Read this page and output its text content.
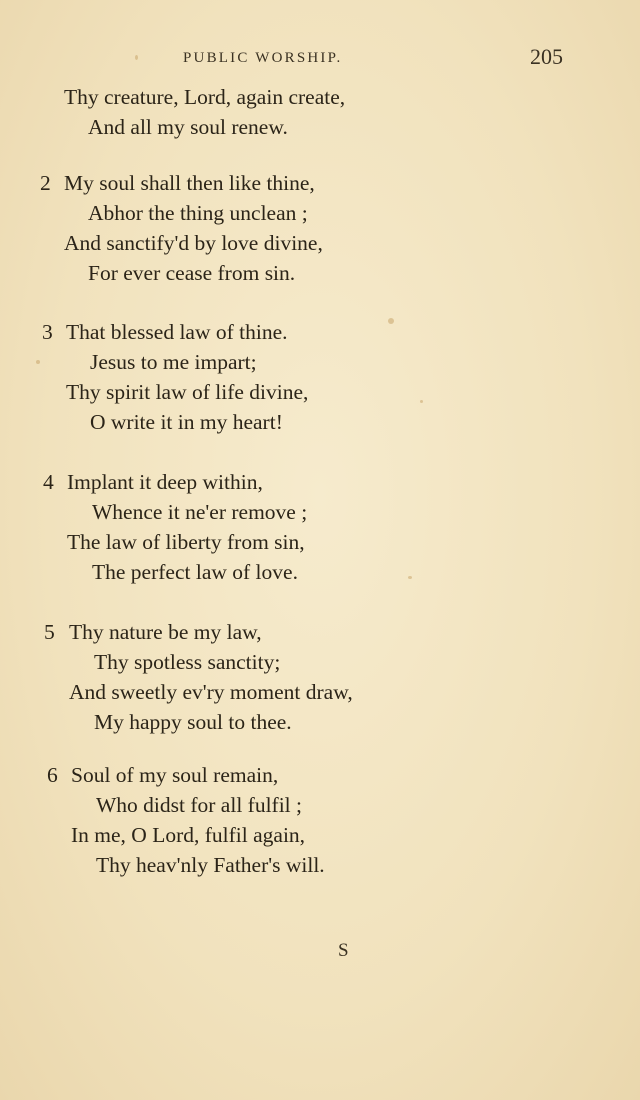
PUBLIC WORSHIP.	205
Thy creature, Lord, again create,
And all my soul renew.
2 My soul shall then like thine,
Abhor the thing unclean ;
And sanctify'd by love divine,
For ever cease from sin.
3 That blessed law of thine.
Jesus to me impart;
Thy spirit law of life divine,
O write it in my heart!
4 Implant it deep within,
Whence it ne'er remove ;
The law of liberty from sin,
The perfect law of love.
5 Thy nature be my law,
Thy spotless sanctity;
And sweetly ev'ry moment draw,
My happy soul to thee.
6 Soul of my soul remain,
Who didst for all fulfil ;
In me, O Lord, fulfil again,
Thy heav'nly Father's will.
S
